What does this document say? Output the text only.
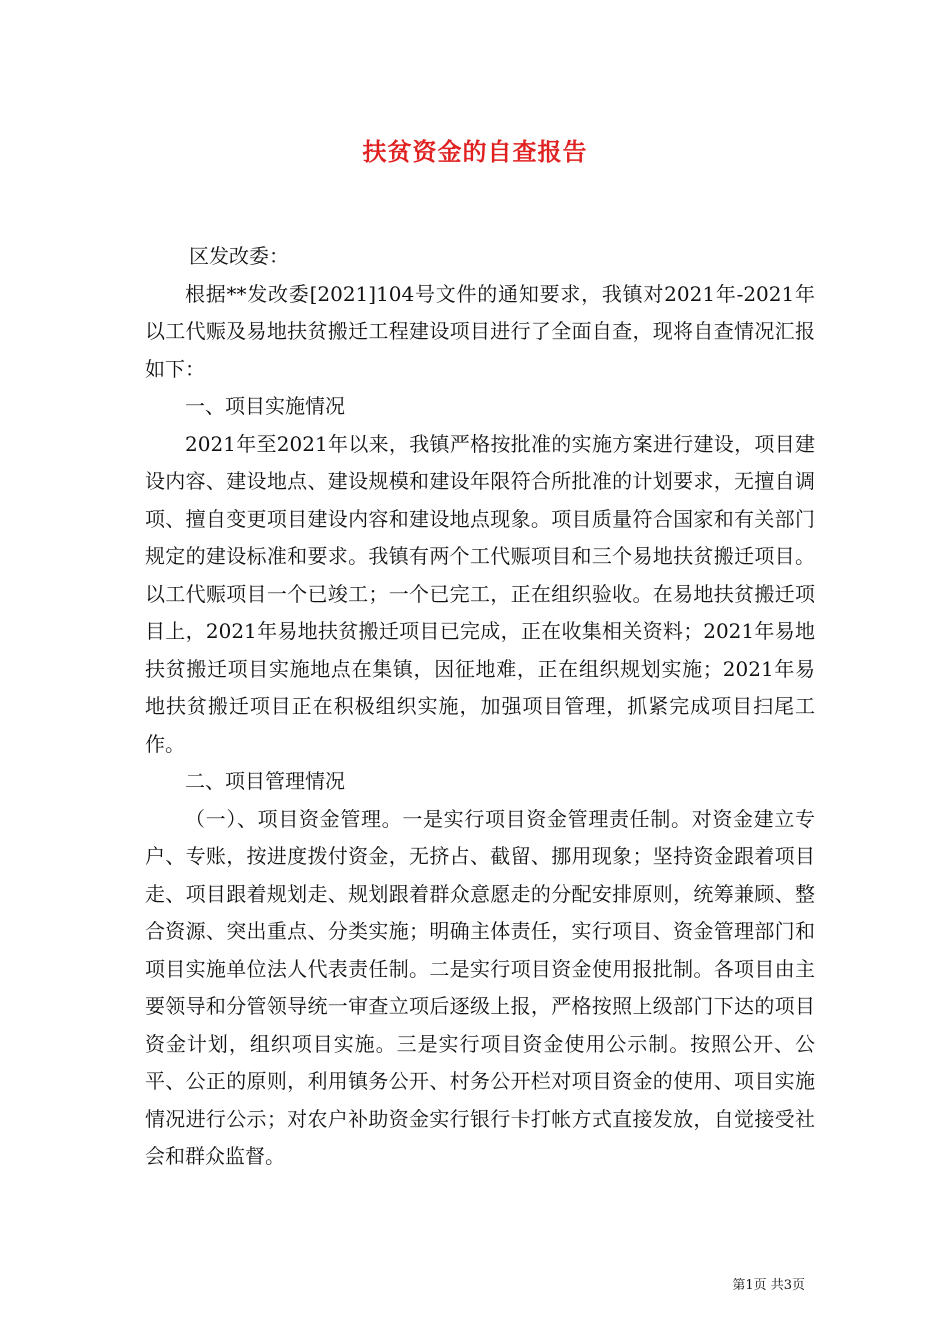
扶贫资金的自查报告

区发改委：

根据**发改委[2021]104号文件的通知要求，我镇对2021年-2021年以工代赈及易地扶贫搬迁工程建设项目进行了全面自查，现将自查情况汇报如下：

一、项目实施情况

2021年至2021年以来，我镇严格按批准的实施方案进行建设，项目建设内容、建设地点、建设规模和建设年限符合所批准的计划要求，无擅自调项、擅自变更项目建设内容和建设地点现象。项目质量符合国家和有关部门规定的建设标准和要求。我镇有两个工代赈项目和三个易地扶贫搬迁项目。以工代赈项目一个已竣工；一个已完工，正在组织验收。在易地扶贫搬迁项目上，2021年易地扶贫搬迁项目已完成，正在收集相关资料；2021年易地扶贫搬迁项目实施地点在集镇，因征地难，正在组织规划实施；2021年易地扶贫搬迁项目正在积极组织实施，加强项目管理，抓紧完成项目扫尾工作。

二、项目管理情况

（一）、项目资金管理。一是实行项目资金管理责任制。对资金建立专户、专账，按进度拨付资金，无挤占、截留、挪用现象；坚持资金跟着项目走、项目跟着规划走、规划跟着群众意愿走的分配安排原则，统筹兼顾、整合资源、突出重点、分类实施；明确主体责任，实行项目、资金管理部门和项目实施单位法人代表责任制。二是实行项目资金使用报批制。各项目由主要领导和分管领导统一审查立项后逐级上报，严格按照上级部门下达的项目资金计划，组织项目实施。三是实行项目资金使用公示制。按照公开、公平、公正的原则，利用镇务公开、村务公开栏对项目资金的使用、项目实施情况进行公示；对农户补助资金实行银行卡打帐方式直接发放，自觉接受社会和群众监督。

第1页 共3页
